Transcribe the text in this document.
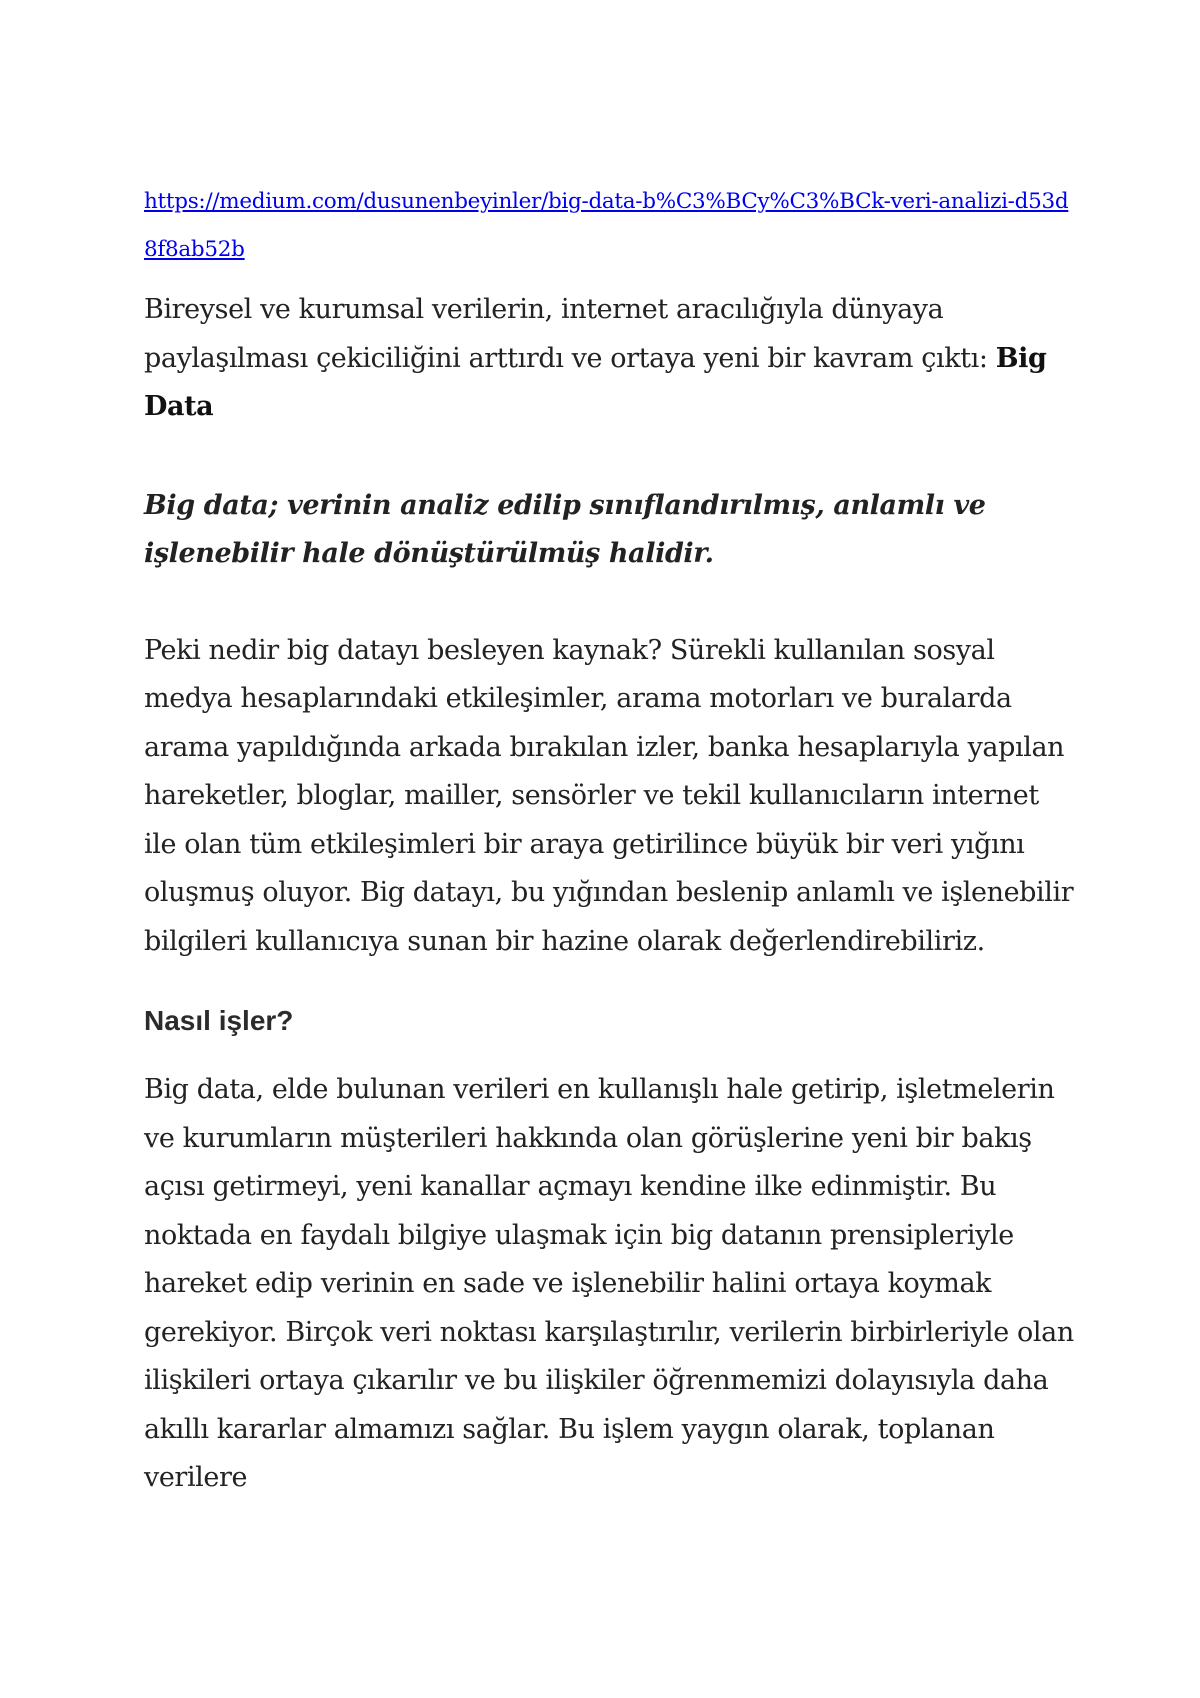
https://medium.com/dusunenbeyinler/big-data-b%C3%BCy%C3%BCk-veri-analizi-d53d8f8ab52b

Bireysel ve kurumsal verilerin, internet aracılığıyla dünyaya paylaşılması çekiciliğini arttırdı ve ortaya yeni bir kavram çıktı: Big Data

Big data; verinin analiz edilip sınıflandırılmış, anlamlı ve işlenebilir hale dönüştürülmüş halidir.

Peki nedir big datayı besleyen kaynak? Sürekli kullanılan sosyal medya hesaplarındaki etkileşimler, arama motorları ve buralarda arama yapıldığında arkada bırakılan izler, banka hesaplarıyla yapılan hareketler, bloglar, mailler, sensörler ve tekil kullanıcıların internet ile olan tüm etkileşimleri bir araya getirilince büyük bir veri yığını oluşmuş oluyor. Big datayı, bu yığından beslenip anlamlı ve işlenebilir bilgileri kullanıcıya sunan bir hazine olarak değerlendirebiliriz.

Nasıl işler?

Big data, elde bulunan verileri en kullanışlı hale getirip, işletmelerin ve kurumların müşterileri hakkında olan görüşlerine yeni bir bakış açısı getirmeyi, yeni kanallar açmayı kendine ilke edinmiştir. Bu noktada en faydalı bilgiye ulaşmak için big datanın prensipleriyle hareket edip verinin en sade ve işlenebilir halini ortaya koymak gerekiyor. Birçok veri noktası karşılaştırılır, verilerin birbirleriyle olan ilişkileri ortaya çıkarılır ve bu ilişkiler öğrenmemizi dolayısıyla daha akıllı kararlar almamızı sağlar. Bu işlem yaygın olarak, toplanan verilere
